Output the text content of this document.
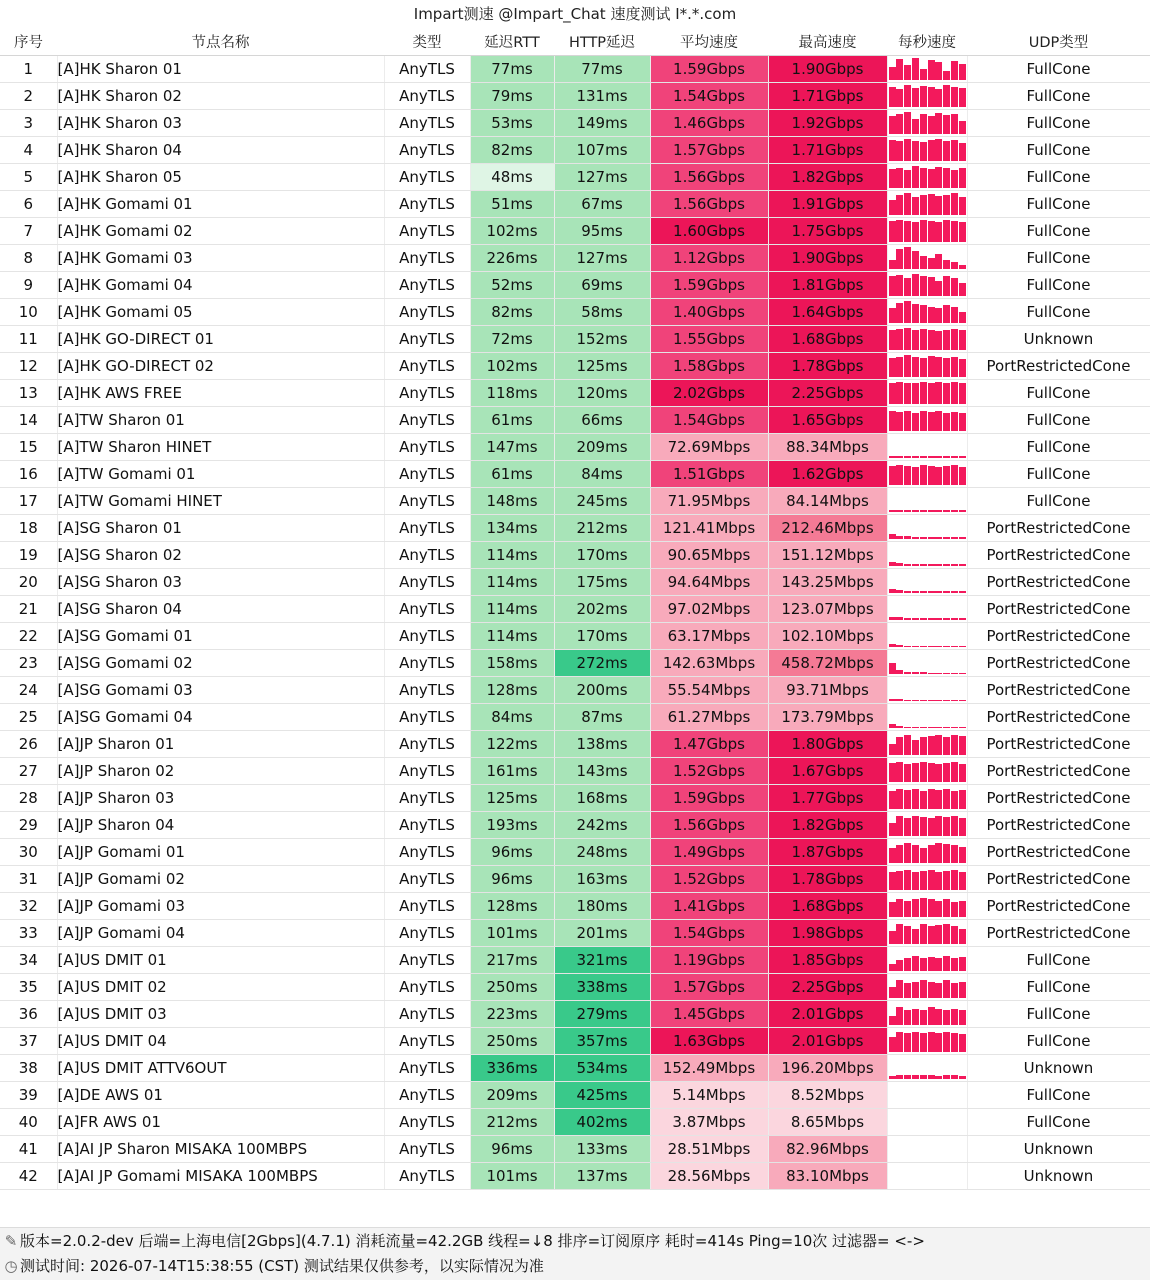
Impart测速 @Impart_Chat 速度测试 I*.*.com
序号	节点名称	类型	延迟RTT	HTTP延迟	平均速度	最高速度	每秒速度	UDP类型
1	[A]HK Sharon 01	AnyTLS	77ms	77ms	1.59Gbps	1.90Gbps		FullCone
2	[A]HK Sharon 02	AnyTLS	79ms	131ms	1.54Gbps	1.71Gbps		FullCone
3	[A]HK Sharon 03	AnyTLS	53ms	149ms	1.46Gbps	1.92Gbps		FullCone
4	[A]HK Sharon 04	AnyTLS	82ms	107ms	1.57Gbps	1.71Gbps		FullCone
5	[A]HK Sharon 05	AnyTLS	48ms	127ms	1.56Gbps	1.82Gbps		FullCone
6	[A]HK Gomami 01	AnyTLS	51ms	67ms	1.56Gbps	1.91Gbps		FullCone
7	[A]HK Gomami 02	AnyTLS	102ms	95ms	1.60Gbps	1.75Gbps		FullCone
8	[A]HK Gomami 03	AnyTLS	226ms	127ms	1.12Gbps	1.90Gbps		FullCone
9	[A]HK Gomami 04	AnyTLS	52ms	69ms	1.59Gbps	1.81Gbps		FullCone
10	[A]HK Gomami 05	AnyTLS	82ms	58ms	1.40Gbps	1.64Gbps		FullCone
11	[A]HK GO-DIRECT 01	AnyTLS	72ms	152ms	1.55Gbps	1.68Gbps		Unknown
12	[A]HK GO-DIRECT 02	AnyTLS	102ms	125ms	1.58Gbps	1.78Gbps		PortRestrictedCone
13	[A]HK AWS FREE	AnyTLS	118ms	120ms	2.02Gbps	2.25Gbps		FullCone
14	[A]TW Sharon 01	AnyTLS	61ms	66ms	1.54Gbps	1.65Gbps		FullCone
15	[A]TW Sharon HINET	AnyTLS	147ms	209ms	72.69Mbps	88.34Mbps		FullCone
16	[A]TW Gomami 01	AnyTLS	61ms	84ms	1.51Gbps	1.62Gbps		FullCone
17	[A]TW Gomami HINET	AnyTLS	148ms	245ms	71.95Mbps	84.14Mbps		FullCone
18	[A]SG Sharon 01	AnyTLS	134ms	212ms	121.41Mbps	212.46Mbps		PortRestrictedCone
19	[A]SG Sharon 02	AnyTLS	114ms	170ms	90.65Mbps	151.12Mbps		PortRestrictedCone
20	[A]SG Sharon 03	AnyTLS	114ms	175ms	94.64Mbps	143.25Mbps		PortRestrictedCone
21	[A]SG Sharon 04	AnyTLS	114ms	202ms	97.02Mbps	123.07Mbps		PortRestrictedCone
22	[A]SG Gomami 01	AnyTLS	114ms	170ms	63.17Mbps	102.10Mbps		PortRestrictedCone
23	[A]SG Gomami 02	AnyTLS	158ms	272ms	142.63Mbps	458.72Mbps		PortRestrictedCone
24	[A]SG Gomami 03	AnyTLS	128ms	200ms	55.54Mbps	93.71Mbps		PortRestrictedCone
25	[A]SG Gomami 04	AnyTLS	84ms	87ms	61.27Mbps	173.79Mbps		PortRestrictedCone
26	[A]JP Sharon 01	AnyTLS	122ms	138ms	1.47Gbps	1.80Gbps		PortRestrictedCone
27	[A]JP Sharon 02	AnyTLS	161ms	143ms	1.52Gbps	1.67Gbps		PortRestrictedCone
28	[A]JP Sharon 03	AnyTLS	125ms	168ms	1.59Gbps	1.77Gbps		PortRestrictedCone
29	[A]JP Sharon 04	AnyTLS	193ms	242ms	1.56Gbps	1.82Gbps		PortRestrictedCone
30	[A]JP Gomami 01	AnyTLS	96ms	248ms	1.49Gbps	1.87Gbps		PortRestrictedCone
31	[A]JP Gomami 02	AnyTLS	96ms	163ms	1.52Gbps	1.78Gbps		PortRestrictedCone
32	[A]JP Gomami 03	AnyTLS	128ms	180ms	1.41Gbps	1.68Gbps		PortRestrictedCone
33	[A]JP Gomami 04	AnyTLS	101ms	201ms	1.54Gbps	1.98Gbps		PortRestrictedCone
34	[A]US DMIT 01	AnyTLS	217ms	321ms	1.19Gbps	1.85Gbps		FullCone
35	[A]US DMIT 02	AnyTLS	250ms	338ms	1.57Gbps	2.25Gbps		FullCone
36	[A]US DMIT 03	AnyTLS	223ms	279ms	1.45Gbps	2.01Gbps		FullCone
37	[A]US DMIT 04	AnyTLS	250ms	357ms	1.63Gbps	2.01Gbps		FullCone
38	[A]US DMIT ATTV6OUT	AnyTLS	336ms	534ms	152.49Mbps	196.20Mbps		Unknown
39	[A]DE AWS 01	AnyTLS	209ms	425ms	5.14Mbps	8.52Mbps		FullCone
40	[A]FR AWS 01	AnyTLS	212ms	402ms	3.87Mbps	8.65Mbps		FullCone
41	[A]AI JP Sharon MISAKA 100MBPS	AnyTLS	96ms	133ms	28.51Mbps	82.96Mbps		Unknown
42	[A]AI JP Gomami MISAKA 100MBPS	AnyTLS	101ms	137ms	28.56Mbps	83.10Mbps		Unknown
✎ 版本=2.0.2-dev 后端=上海电信[2Gbps](4.7.1) 消耗流量=42.2GB 线程=↓8 排序=订阅原序 耗时=414s Ping=10次 过滤器= <->
◷ 测试时间: 2026-07-14T15:38:55 (CST) 测试结果仅供参考，以实际情况为准
